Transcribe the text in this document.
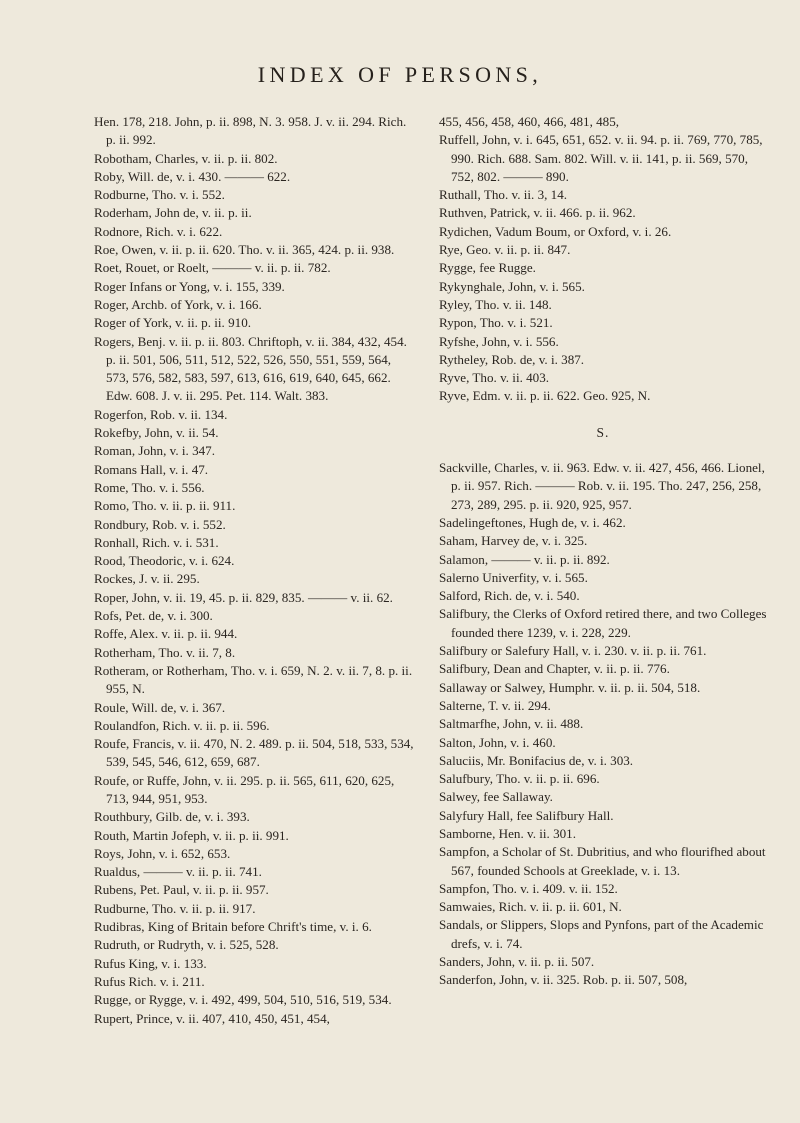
INDEX OF PERSONS,

Hen. 178, 218. John, p. ii. 898, N. 3. 958. J. v. ii. 294. Rich. p. ii. 992.

Robotham, Charles, v. ii. p. ii. 802.

Roby, Will. de, v. i. 430. ——— 622.

Rodburne, Tho. v. i. 552.

Roderham, John de, v. ii. p. ii.

Rodnore, Rich. v. i. 622.

Roe, Owen, v. ii. p. ii. 620. Tho. v. ii. 365, 424. p. ii. 938.

Roet, Rouet, or Roelt, ——— v. ii. p. ii. 782.

Roger Infans or Yong, v. i. 155, 339.

Roger, Archb. of York, v. i. 166.

Roger of York, v. ii. p. ii. 910.

Rogers, Benj. v. ii. p. ii. 803. Chriftoph, v. ii. 384, 432, 454. p. ii. 501, 506, 511, 512, 522, 526, 550, 551, 559, 564, 573, 576, 582, 583, 597, 613, 616, 619, 640, 645, 662. Edw. 608. J. v. ii. 295. Pet. 114. Walt. 383.

Rogerfon, Rob. v. ii. 134.

Rokefby, John, v. ii. 54.

Roman, John, v. i. 347.

Romans Hall, v. i. 47.

Rome, Tho. v. i. 556.

Romo, Tho. v. ii. p. ii. 911.

Rondbury, Rob. v. i. 552.

Ronhall, Rich. v. i. 531.

Rood, Theodoric, v. i. 624.

Rockes, J. v. ii. 295.

Roper, John, v. ii. 19, 45. p. ii. 829, 835. ——— v. ii. 62.

Rofs, Pet. de, v. i. 300.

Roffe, Alex. v. ii. p. ii. 944.

Rotherham, Tho. v. ii. 7, 8.

Rotheram, or Rotherham, Tho. v. i. 659, N. 2. v. ii. 7, 8. p. ii. 955, N.

Roule, Will. de, v. i. 367.

Roulandfon, Rich. v. ii. p. ii. 596.

Roufe, Francis, v. ii. 470, N. 2. 489. p. ii. 504, 518, 533, 534, 539, 545, 546, 612, 659, 687.

Roufe, or Ruffe, John, v. ii. 295. p. ii. 565, 611, 620, 625, 713, 944, 951, 953.

Routhbury, Gilb. de, v. i. 393.

Routh, Martin Jofeph, v. ii. p. ii. 991.

Roys, John, v. i. 652, 653.

Rualdus, ——— v. ii. p. ii. 741.

Rubens, Pet. Paul, v. ii. p. ii. 957.

Rudburne, Tho. v. ii. p. ii. 917.

Rudibras, King of Britain before Chrift's time, v. i. 6.

Rudruth, or Rudryth, v. i. 525, 528.

Rufus King, v. i. 133.

Rufus Rich. v. i. 211.

Rugge, or Rygge, v. i. 492, 499, 504, 510, 516, 519, 534.

Rupert, Prince, v. ii. 407, 410, 450, 451, 454,

455, 456, 458, 460, 466, 481, 485,

Ruffell, John, v. i. 645, 651, 652. v. ii. 94. p. ii. 769, 770, 785, 990. Rich. 688. Sam. 802. Will. v. ii. 141, p. ii. 569, 570, 752, 802. ——— 890.

Ruthall, Tho. v. ii. 3, 14.

Ruthven, Patrick, v. ii. 466. p. ii. 962.

Rydichen, Vadum Boum, or Oxford, v. i. 26.

Rye, Geo. v. ii. p. ii. 847.

Rygge, fee Rugge.

Rykynghale, John, v. i. 565.

Ryley, Tho. v. ii. 148.

Rypon, Tho. v. i. 521.

Ryfshe, John, v. i. 556.

Rytheley, Rob. de, v. i. 387.

Ryve, Tho. v. ii. 403.

Ryve, Edm. v. ii. p. ii. 622. Geo. 925, N.

S.

Sackville, Charles, v. ii. 963. Edw. v. ii. 427, 456, 466. Lionel, p. ii. 957. Rich. ——— Rob. v. ii. 195. Tho. 247, 256, 258, 273, 289, 295. p. ii. 920, 925, 957.

Sadelingeftones, Hugh de, v. i. 462.

Saham, Harvey de, v. i. 325.

Salamon, ——— v. ii. p. ii. 892.

Salerno Univerfity, v. i. 565.

Salford, Rich. de, v. i. 540.

Salifbury, the Clerks of Oxford retired there, and two Colleges founded there 1239, v. i. 228, 229.

Salifbury or Salefury Hall, v. i. 230. v. ii. p. ii. 761.

Salifbury, Dean and Chapter, v. ii. p. ii. 776.

Sallaway or Salwey, Humphr. v. ii. p. ii. 504, 518.

Salterne, T. v. ii. 294.

Saltmarfhe, John, v. ii. 488.

Salton, John, v. i. 460.

Saluciis, Mr. Bonifacius de, v. i. 303.

Salufbury, Tho. v. ii. p. ii. 696.

Salwey, fee Sallaway.

Salyfury Hall, fee Salifbury Hall.

Samborne, Hen. v. ii. 301.

Sampfon, a Scholar of St. Dubritius, and who flourifhed about 567, founded Schools at Greeklade, v. i. 13.

Sampfon, Tho. v. i. 409. v. ii. 152.

Samwaies, Rich. v. ii. p. ii. 601, N.

Sandals, or Slippers, Slops and Pynfons, part of the Academic drefs, v. i. 74.

Sanders, John, v. ii. p. ii. 507.

Sanderfon, John, v. ii. 325. Rob. p. ii. 507, 508,
